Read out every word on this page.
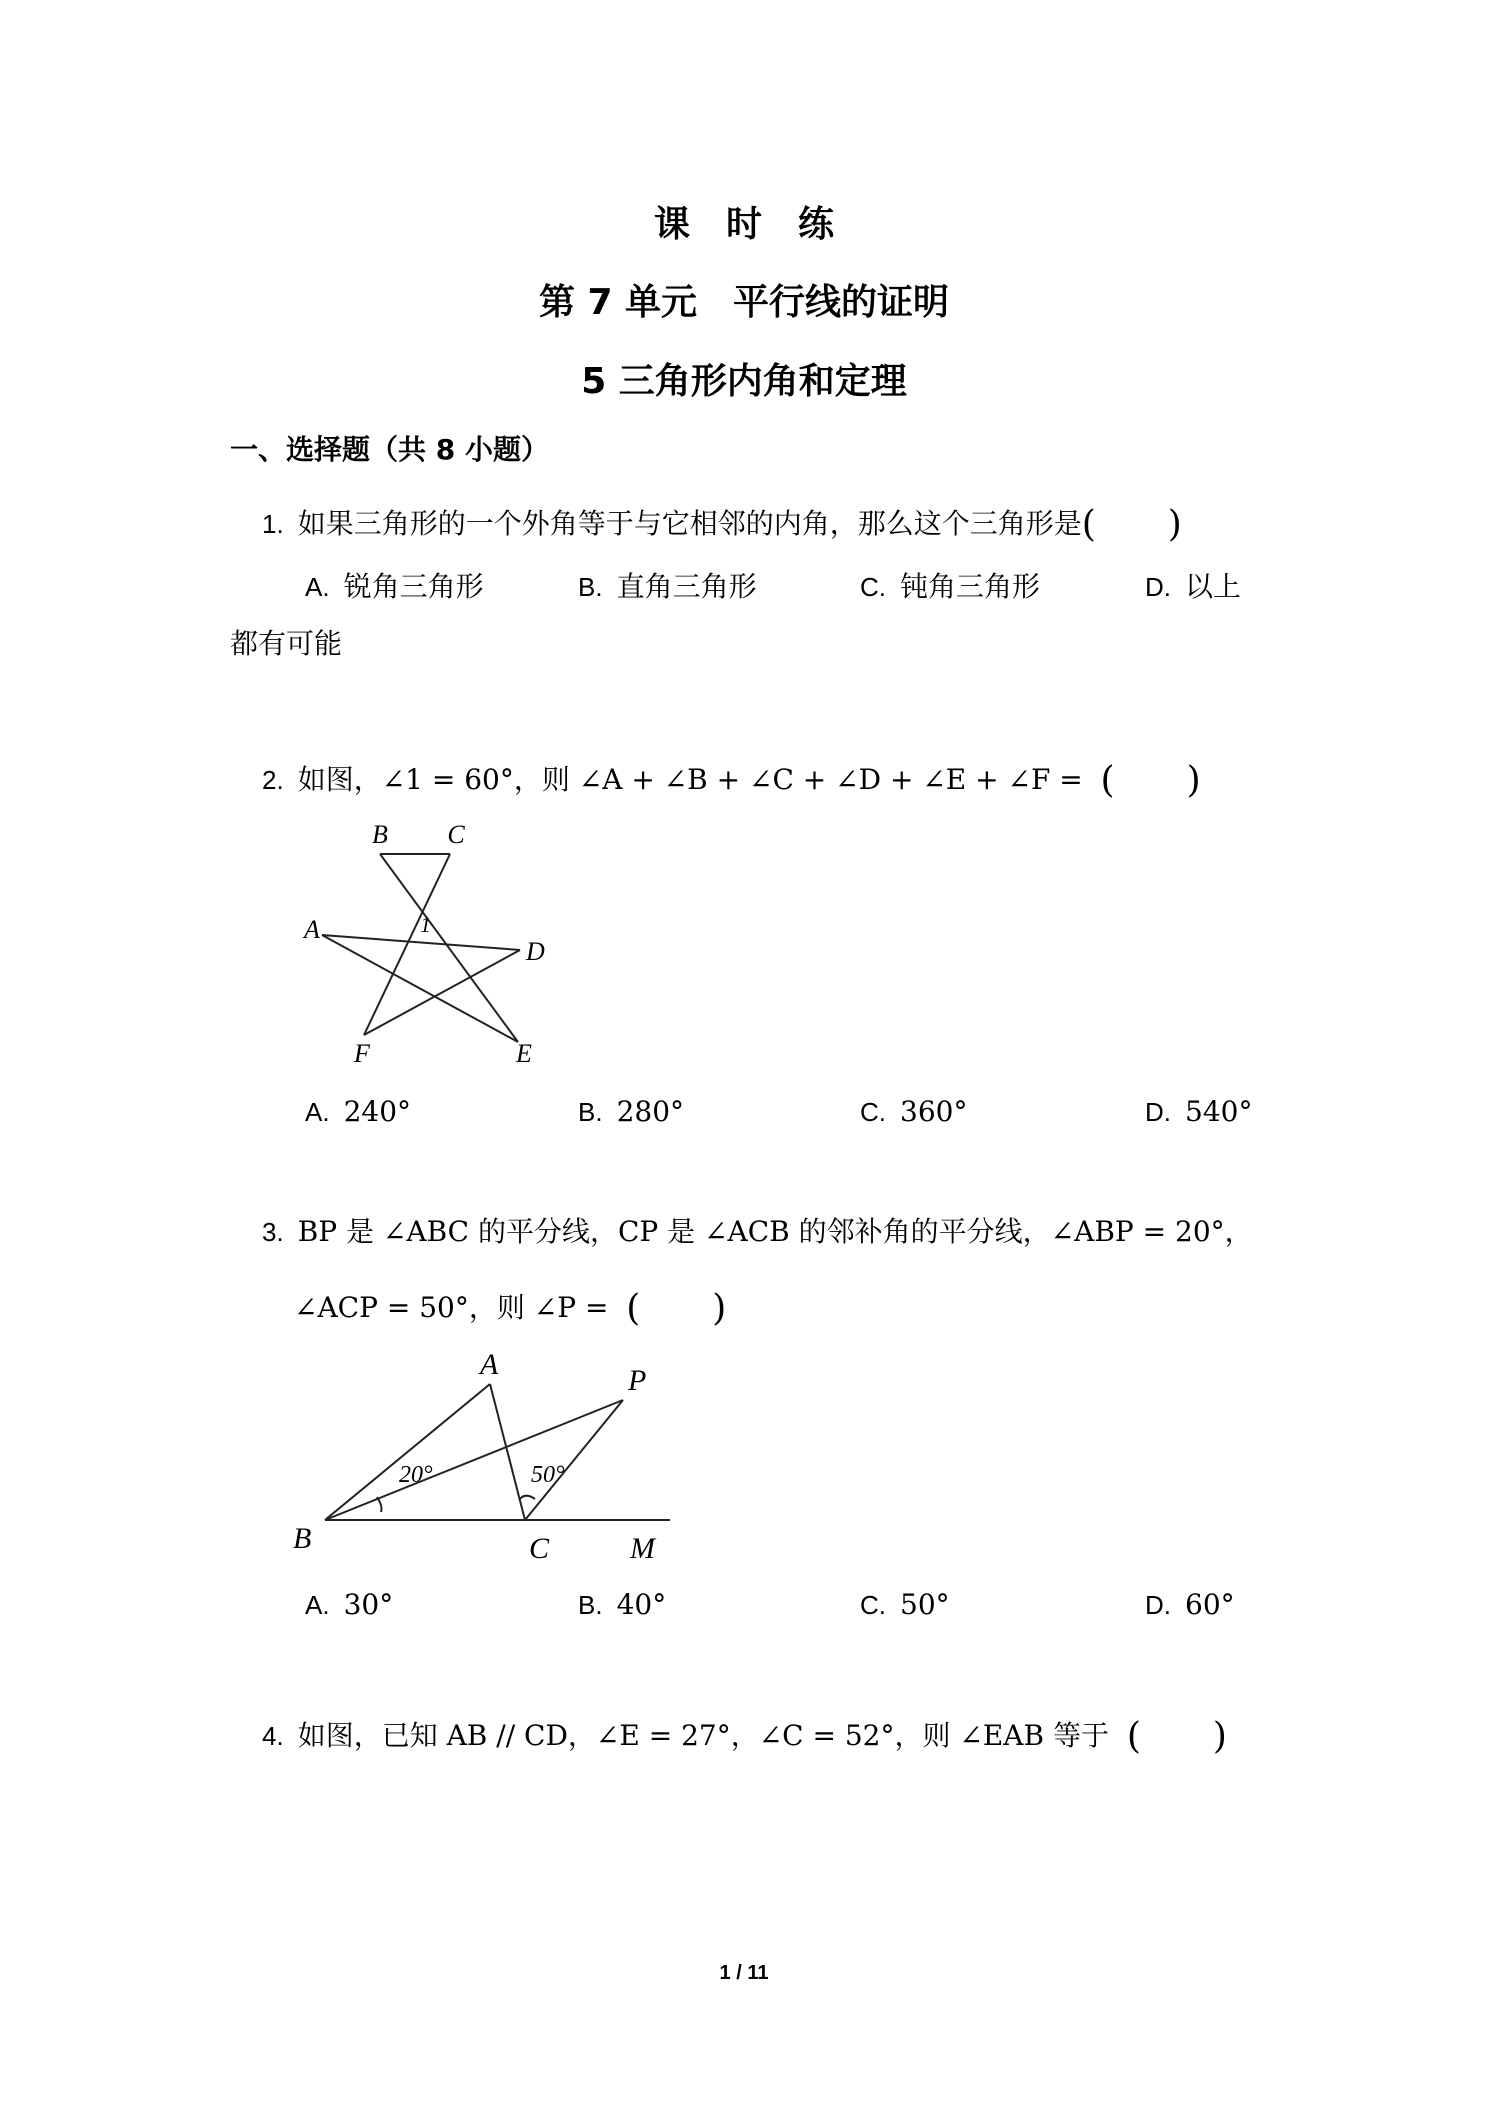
课　时　练
第 7 单元　平行线的证明
5 三角形内角和定理
一、选择题（共 8 小题）
1. 如果三角形的一个外角等于与它相邻的内角，那么这个三角形是(　　)
A. 锐角三角形	B. 直角三角形	C. 钝角三角形	D. 以上
都有可能
2. 如图，∠1 = 60°，则 ∠A + ∠B + ∠C + ∠D + ∠E + ∠F = (　　)
B C
A
D
F	E
1
A. 240°	B. 280°	C. 360°	D. 540°
3. BP 是 ∠ABC 的平分线，CP 是 ∠ACB 的邻补角的平分线，∠ABP = 20°，
∠ACP = 50°，则 ∠P = (　　)
A	P
B	C	M
20°	50°
A. 30°	B. 40°	C. 50°	D. 60°
4. 如图，已知 AB // CD，∠E = 27°，∠C = 52°，则 ∠EAB 等于 (　　)
1 / 11
